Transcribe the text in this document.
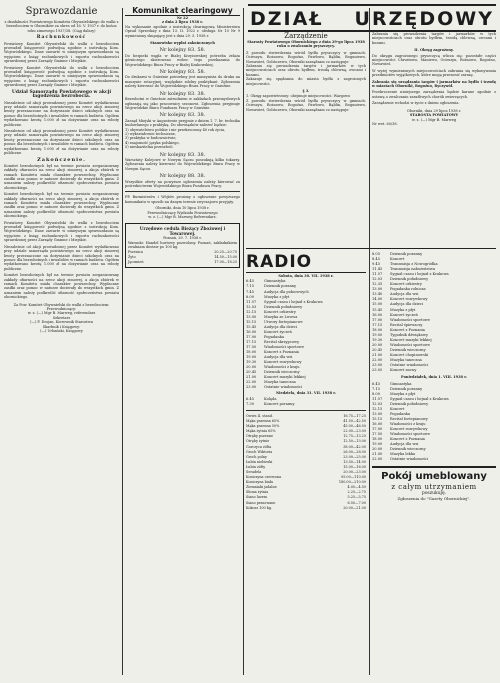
Sprawozdanie

z działalności Powiatowego Komitetu Obywatelskiego do walki z bezrobociem w Oborników za okres od 16. V. 1937 r. do końca roku zimowego 1937/38. (Ciąg dalszy)

Rachunkowość

Powiatowy Komitet Obywatelski do walki z bezrobociem prowadził księgowość podwójną zgodnie z instrukcją Kom. Wojewódzkiego. Dane zawarte w niniejszym sprawozdaniu są wyjęciem z ksiąg rachunkowych i raportu rachunkowości sprawdzonej przez Zarządy Gminne i Miejskie.

Powiatowy Komitet Obywatelski do walki z bezrobociem prowadził księgowość podwójną zgodnie z instrukcją Kom. Wojewódzkiego. Dane zawarte w niniejszym sprawozdaniu są wyjęciem z ksiąg rachunkowych i raportu rachunkowości sprawdzonej przez Zarządy Gminne i Miejskie.

Udział Samorządu Powiatowego w akcji łagodzenia bezrobocia.

Niezależnie od akcji prowadzonej przez Komitet wydatkowano przy udziale samorządu powiatowego na rzecz akcji zimowej kwoty przeznaczone na dożywianie dzieci szkolnych oraz na pomoc dla bezrobotnych i inwalidów w ramach budżetu. Ogółem wydatkowano kwotę 1.000 zł na dożywianie oraz na roboty publiczne.

Niezależnie od akcji prowadzonej przez Komitet wydatkowano przy udziale samorządu powiatowego na rzecz akcji zimowej kwoty przeznaczone na dożywianie dzieci szkolnych oraz na pomoc dla bezrobotnych i inwalidów w ramach budżetu. Ogółem wydatkowano kwotę 1.000 zł na dożywianie oraz na roboty publiczne.

Zakończenie.

Komitet bezrobotnych był na terenie powiatu zorganizowany zakłady ofiarności na rzecz akcji zimowej, a akcja zbiórek w ramach Komitetu miała charakter powszechny. Wypłacane zasiłki oraz pomoc w naturze docierały do wszystkich gmin. Z uznaniem należy podkreślić ofiarność społeczeństwa powiatu obornickiego.

Komitet bezrobotnych był na terenie powiatu zorganizowany zakłady ofiarności na rzecz akcji zimowej, a akcja zbiórek w ramach Komitetu miała charakter powszechny. Wypłacane zasiłki oraz pomoc w naturze docierały do wszystkich gmin. Z uznaniem należy podkreślić ofiarność społeczeństwa powiatu obornickiego.

Powiatowy Komitet Obywatelski do walki z bezrobociem prowadził księgowość podwójną zgodnie z instrukcją Kom. Wojewódzkiego. Dane zawarte w niniejszym sprawozdaniu są wyjęciem z ksiąg rachunkowych i raportu rachunkowości sprawdzonej przez Zarządy Gminne i Miejskie.

Niezależnie od akcji prowadzonej przez Komitet wydatkowano przy udziale samorządu powiatowego na rzecz akcji zimowej kwoty przeznaczone na dożywianie dzieci szkolnych oraz na pomoc dla bezrobotnych i inwalidów w ramach budżetu. Ogółem wydatkowano kwotę 1.000 zł na dożywianie oraz na roboty publiczne.

Komitet bezrobotnych był na terenie powiatu zorganizowany zakłady ofiarności na rzecz akcji zimowej, a akcja zbiórek w ramach Komitetu miała charakter powszechny. Wypłacane zasiłki oraz pomoc w naturze docierały do wszystkich gmin. Z uznaniem należy podkreślić ofiarność społeczeństwa powiatu obornickiego.

Za Pow. Komitet Obywatelski do walki z bezrobociem:
Przewodniczący:
w. z. (—) Mgr B. Marweg, referendarz
Sekretarz
(—) F. Drojan, Kierownik Starostwa
Skarbnik i Księgowy:
(—) Urbański, Księgowy
Komunikat clearingowy
Nr 22
z dnia 2 lipca 1938 r.

Na wykonanie zgodnie z instrukcją clearingową Ministerstwa Opisał Sprzedaży z dnia 13. II. 1922 r. obsługa Nr 10 Nr 9 wymieniony skupujący jest z dnia 29. 5. 1938 r.

Stanowisko wypłat zakończonych
Nr kolejny 83. 58.

Do bezpieki węgla w Bialej Krzyżowskiej potrzeba żelaza górniczego skierowano wobec tego przekazania do Wojewódzkiego Biura Pracy w Białej Krakowskiej.

Nr kolejny 83. 58.

Do drukarni w Gnieźnie potrzebny jest maszynista do druku na maszynie rotacyjnej, względnie zdolny praktykant. Zgłoszenia należy kierować do Wojewódzkiego Biura Pracy w Gnieźnie.

Nr kolejny 83. 38.

Bezrobotni w Gnieźnie zatrudnieni w zakładach przemysłowych ogłaszają się jako pracownicy sezonowi. Zgłoszenia przyjmuje Wojewódzkie Biuro Funduszu Pracy w Gnieźnie.

Nr kolejny 83. 38.

Zarząd Miejski w Augustowie przyjmie z dniem 1. 7. br. technika budowlanego z praktyką. Do obowiązków należeć będzie:

1) obywatelstwo polskie i nie przekroczony 40 rok życia,
2) wykształcenie techniczne,
3) praktyka w budownictwie,
4) znajomość języka polskiego,
5) nieskazitelna przeszłość.
Nr kolejny 83. 38.

Warsztaty Kolejowe w Nowym Sączu poszukują kilku tokarzy. Zgłoszenia należy kierować do Wojewódzkiego Biura Pracy w Nowym Sączu.

Nr kolejny 88. 38.

Wszystkie oferty na powyższe ogłoszenia należy kierować za pośrednictwem Wojewódzkiego Biura Funduszu Pracy.

PP. Burmistrzów i Wójtów prosimy o ogłoszenie powyższego komunikatu w sposób na danym terenie zwyczajowo przyjęty.

Oborniki, dnia 10 lipca 1938 r.
Przewodniczący Wydziału Powiatowego
w. z. (—) Mgr B. Marweg Referendarz.
Urzędowe ceduła Bieżący Zbożowej i Towarowej.
Poznań, 29. 7. 1938 r.

Warunki: Handel hurtowy pozwolony. Poznań, zakładnikiem zwalniam dostaw po 100 kg.

Pszenica	20.25—20.75
Żyto	14.50—15.00
Jęczmień	17.00—18.25
DZIAŁ URZĘDOWY
Zarządzenie

Starosty Powiatowego Obornickiego z dnia 29-go lipca 1938 roku o zwalczaniu pryszczycy.

Z powodu stwierdzenia wśród bydła pryszczycy w gminach: Ocieszyn, Rożnowo, Rogoźno, Pawłowo, Bąblin, Boguniewo, Nowawieś, Golińczewo, Oborniki zarządzam co następuje:

Zabrania się prowadzenia targów i jarmarków w tych miejscowościach oraz obrotu bydłem, trzodą chlewną, owcami i kozami.

Zakazuje się spędzania do miasta bydła z zagrożonych miejscowości.

§ 3.

1. Okręg zapowietrzony: obejmuje miejscowości: Wargowo

Z powodu stwierdzenia wśród bydła pryszczycy w gminach: Ocieszyn, Rożnowo, Rogoźno, Pawłowo, Bąblin, Boguniewo, Nowawieś, Golińczewo, Oborniki zarządzam co następuje:

Zabrania się prowadzenia targów i jarmarków w tych miejscowościach oraz obrotu bydłem, trzodą chlewną, owcami i kozami.

II. Okręg zagrożony.

Do okręgu zagrożonego pryszczycą wlicza się: pozostałe części miejscowości Chrustowo, Maniewo, Ocieszyn, Rożnowo, Rogoźno, Nowawieś.

W wyżej wymienionych miejscowościach zabrania się wykonywania przedmiotów wyjątkowych, które mogą przenosić zarazę.

Zabrania się urządzania targów i jarmarków na bydło i trzodę w miastach Oborniki, Rogoźno, Ryczywół.

Przekroczenie niniejszego zarządzenia będzie karane zgodnie z ustawą o zwalczaniu zaraźliwych chorób zwierzęcych.

Zarządzenie wchodzi w życie z dniem ogłoszenia.

Oborniki, dnia 29 lipca 1938 r.
STAROSTA POWIATOWY
w. z. (—) Mgr B. Marweg
Nr wet. 60/38.
RADIO
Sobota, dnia 30. VII. 1938 r.
6.45	Gimnastyka
7.15	Dziennik poranny
7.45	Audycja dla poborowych
8.00	Muzyka z płyt
11.57	Sygnał czasu i hejnał z Krakowa
12.03	Dziennik południowy
12.15	Koncert orkiestry
13.00	Muzyka ze Lwowa
15.15	Utwory fortepianowe
15.45	Audycja dla dzieci
16.00	Koncert życzeń
17.00	Pogadanka
17.15	Recital skrzypcowy
17.50	Wiadomości sportowe
18.00	Koncert z Poznania
19.00	Audycja dla wsi
19.30	Koncert rozrywkowy
20.00	Wiadomości z kraju
20.45	Dziennik wieczorny
21.00	Koncert muzyki lekkiej
22.00	Muzyka taneczna
23.00	Ostatnie wiadomości
Niedziela, dnia 31. VII. 1938 r.
6.45	Kolęda
7.30	Koncert poranny
Owies II. stand.	16.75—17.25
Mąka pszenna 65%	41.50—42.50
Mąka pszenna 50%	45.00—46.50
Mąka żytnia 65%	22.00—23.00
Otręby pszenne	12.75—13.25
Otręby żytnie	12.50—13.00
Gorczyca żółta	38.00—42.00
Groch Wiktoria	26.00—28.00
Groch polny	23.00—25.00
Łubin niebieski	13.50—14.00
Łubin żółty	15.00—16.00
Seradela	20.00—23.00
Koniczyna czerwona	95.00—110.00
Koniczyna biała	180.00—210.00
Ziemniaki jadalne	4.00—4.50
Słoma żytnia	2.25—2.75
Siano luzem	5.25—5.75
Siano prasowane	6.50—7.00
Kokosz 100 kg.	20.00—21.00
8.05	Dziennik poranny
8.45	Koncert
9.45	Transmisja z Nowogródka
11.45	Transmisja nabożeństwa
11.57	Sygnał czasu i hejnał z Krakowa
12.03	Dziennik południowy
12.35	Koncert orkiestry
13.00	Pogadanka rolnicza
13.40	Audycja dla wsi
14.00	Koncert rozrywkowy
15.00	Audycja dla dzieci
15.45	Muzyka z płyt
16.00	Koncert życzeń
17.00	Wiadomości sportowe
17.15	Recital śpiewaczy
18.00	Koncert z Poznania
19.00	Tygodnik dźwiękowy
19.30	Koncert muzyki lekkiej
20.00	Wiadomości sportowe
20.45	Dziennik wieczorny
21.00	Koncert chopinowski
22.00	Muzyka taneczna
23.00	Ostatnie wiadomości
23.05	Koncert nocny
Poniedziałek, dnia 1. VIII. 1938 r.
6.45	Gimnastyka
7.15	Dziennik poranny
8.00	Muzyka z płyt
11.57	Sygnał czasu i hejnał z Krakowa
12.03	Dziennik południowy
12.15	Koncert
13.00	Pogadanka
15.15	Recital fortepianowy
16.00	Wiadomości z kraju
17.00	Koncert rozrywkowy
17.50	Wiadomości sportowe
18.00	Koncert z Poznania
19.00	Audycja dla wsi
20.00	Dziennik wieczorny
21.00	Muzyka lekka
22.00	Ostatnie wiadomości
Pokój umeblowany
z całym utrzymaniem
poszukuję.
Zgłoszenia do "Gazety Obornickiej".
